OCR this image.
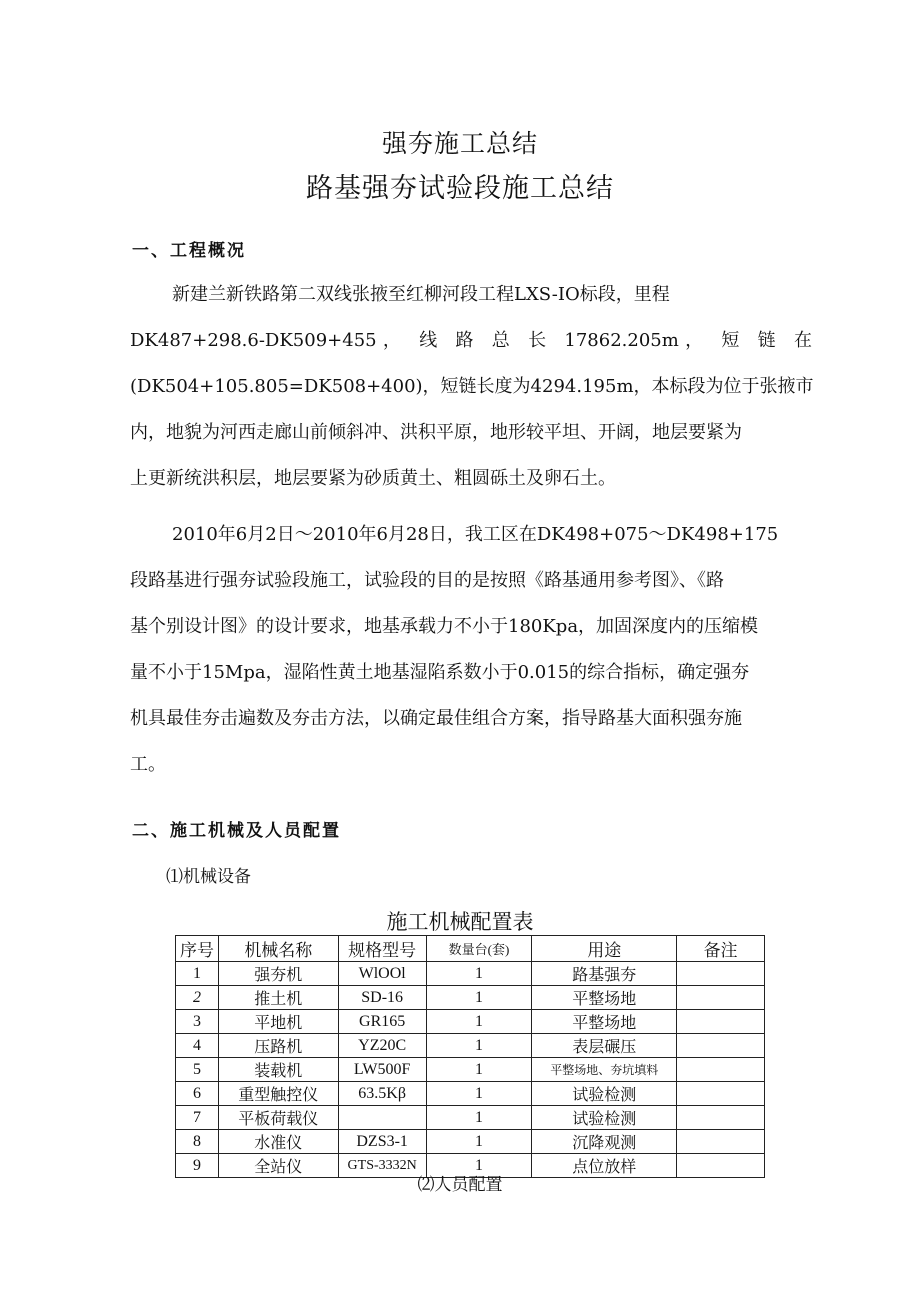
强夯施工总结
路基强夯试验段施工总结
一、工程概况
新建兰新铁路第二双线张掖至红柳河段工程LXS-IO标段，里程
DK487+298.6-DK509+455， 线 路 总 长 17862.205m， 短 链 在
(DK504+105.805=DK508+400)，短链长度为4294.195m，本标段为位于张掖市
内，地貌为河西走廊山前倾斜冲、洪积平原，地形较平坦、开阔，地层要紧为
上更新统洪积层，地层要紧为砂质黄土、粗圆砾土及卵石土。
2010年6月2日～2010年6月28日，我工区在DK498+075～DK498+175
段路基进行强夯试验段施工，试验段的目的是按照《路基通用参考图》、《路
基个别设计图》的设计要求，地基承载力不小于180Kpa，加固深度内的压缩模
量不小于15Mpa，湿陷性黄土地基湿陷系数小于0.015的综合指标，确定强夯
机具最佳夯击遍数及夯击方法，以确定最佳组合方案，指导路基大面积强夯施
工。
二、施工机械及人员配置
⑴机械设备
施工机械配置表
序号	机械名称	规格型号	数量台(套)	用途	备注
1	强夯机	WlOOl	1	路基强夯	
2	推土机	SD-16	1	平整场地	
3	平地机	GR165	1	平整场地	
4	压路机	YZ20C	1	表层碾压	
5	装载机	LW500F	1	平整场地、夯坑填料	
6	重型触控仪	63.5Kβ	1	试验检测	
7	平板荷载仪		1	试验检测	
8	水准仪	DZS3-1	1	沉降观测	
9	全站仪	GTS-3332N	1	点位放样	
⑵人员配置
